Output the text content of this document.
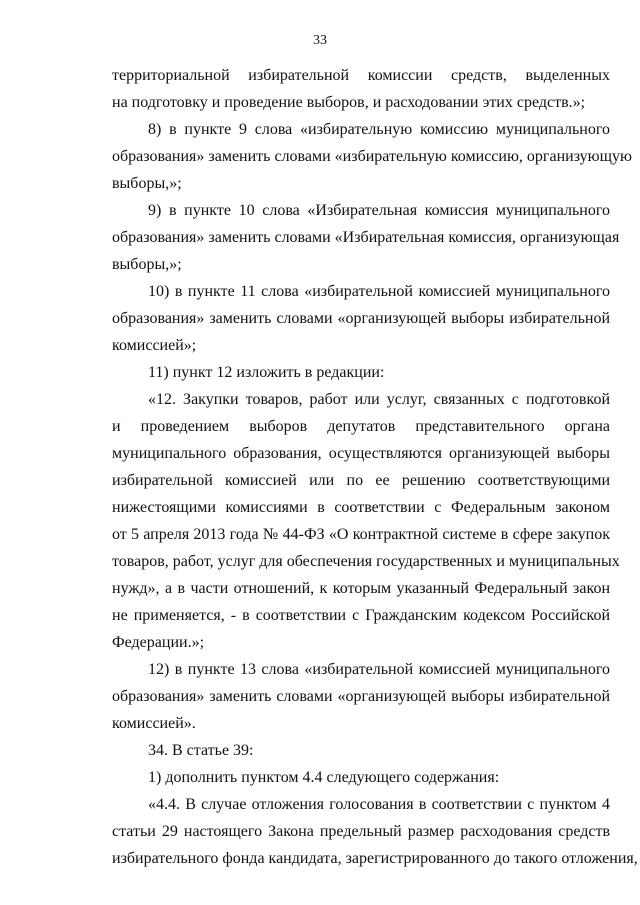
33
территориальной избирательной комиссии средств, выделенных
на подготовку и проведение выборов, и расходовании этих средств.»;
8) в пункте 9 слова «избирательную комиссию муниципального
образования» заменить словами «избирательную комиссию, организующую
выборы,»;
9) в пункте 10 слова «Избирательная комиссия муниципального
образования» заменить словами «Избирательная комиссия, организующая
выборы,»;
10) в пункте 11 слова «избирательной комиссией муниципального
образования» заменить словами «организующей выборы избирательной
комиссией»;
11) пункт 12 изложить в редакции:
«12. Закупки товаров, работ или услуг, связанных с подготовкой
и проведением выборов депутатов представительного органа
муниципального образования, осуществляются организующей выборы
избирательной комиссией или по ее решению соответствующими
нижестоящими комиссиями в соответствии с Федеральным законом
от 5 апреля 2013 года № 44-ФЗ «О контрактной системе в сфере закупок
товаров, работ, услуг для обеспечения государственных и муниципальных
нужд», а в части отношений, к которым указанный Федеральный закон
не применяется, - в соответствии с Гражданским кодексом Российской
Федерации.»;
12) в пункте 13 слова «избирательной комиссией муниципального
образования» заменить словами «организующей выборы избирательной
комиссией».
34. В статье 39:
1) дополнить пунктом 4.4 следующего содержания:
«4.4. В случае отложения голосования в соответствии с пунктом 4
статьи 29 настоящего Закона предельный размер расходования средств
избирательного фонда кандидата, зарегистрированного до такого отложения,
